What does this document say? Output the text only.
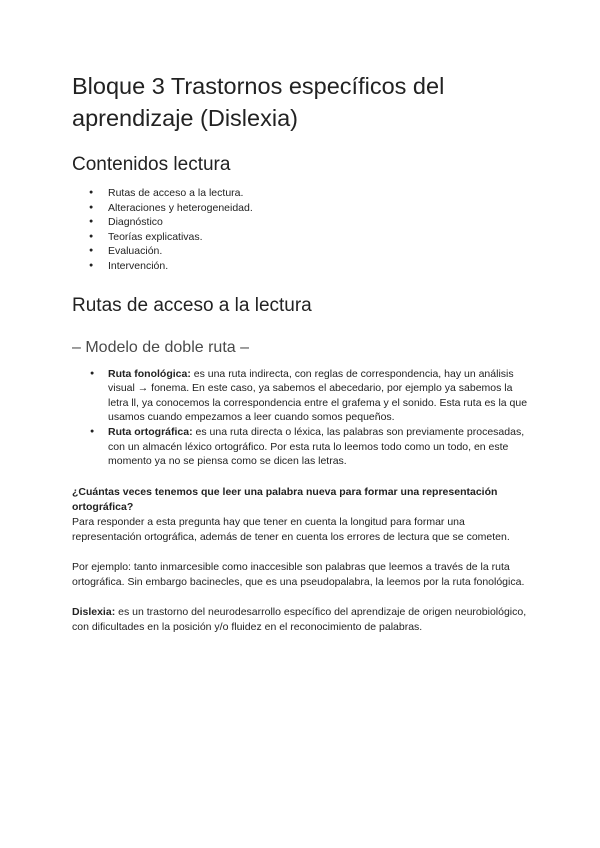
Bloque 3 Trastornos específicos del aprendizaje (Dislexia)
Contenidos lectura
● Rutas de acceso a la lectura.
● Alteraciones y heterogeneidad.
● Diagnóstico
● Teorías explicativas.
● Evaluación.
● Intervención.
Rutas de acceso a la lectura
– Modelo de doble ruta –
● Ruta fonológica: es una ruta indirecta, con reglas de correspondencia, hay un análisis visual → fonema. En este caso, ya sabemos el abecedario, por ejemplo ya sabemos la letra ll, ya conocemos la correspondencia entre el grafema y el sonido. Esta ruta es la que usamos cuando empezamos a leer cuando somos pequeños.
● Ruta ortográfica: es una ruta directa o léxica, las palabras son previamente procesadas, con un almacén léxico ortográfico. Por esta ruta lo leemos todo como un todo, en este momento ya no se piensa como se dicen las letras.

¿Cuántas veces tenemos que leer una palabra nueva para formar una representación ortográfica?

Para responder a esta pregunta hay que tener en cuenta la longitud para formar una representación ortográfica, además de tener en cuenta los errores de lectura que se cometen.

Por ejemplo: tanto inmarcesible como inaccesible son palabras que leemos a través de la ruta ortográfica. Sin embargo bacinecles, que es una pseudopalabra, la leemos por la ruta fonológica.

Dislexia: es un trastorno del neurodesarrollo específico del aprendizaje de origen neurobiológico, con dificultades en la posición y/o fluidez en el reconocimiento de palabras.
